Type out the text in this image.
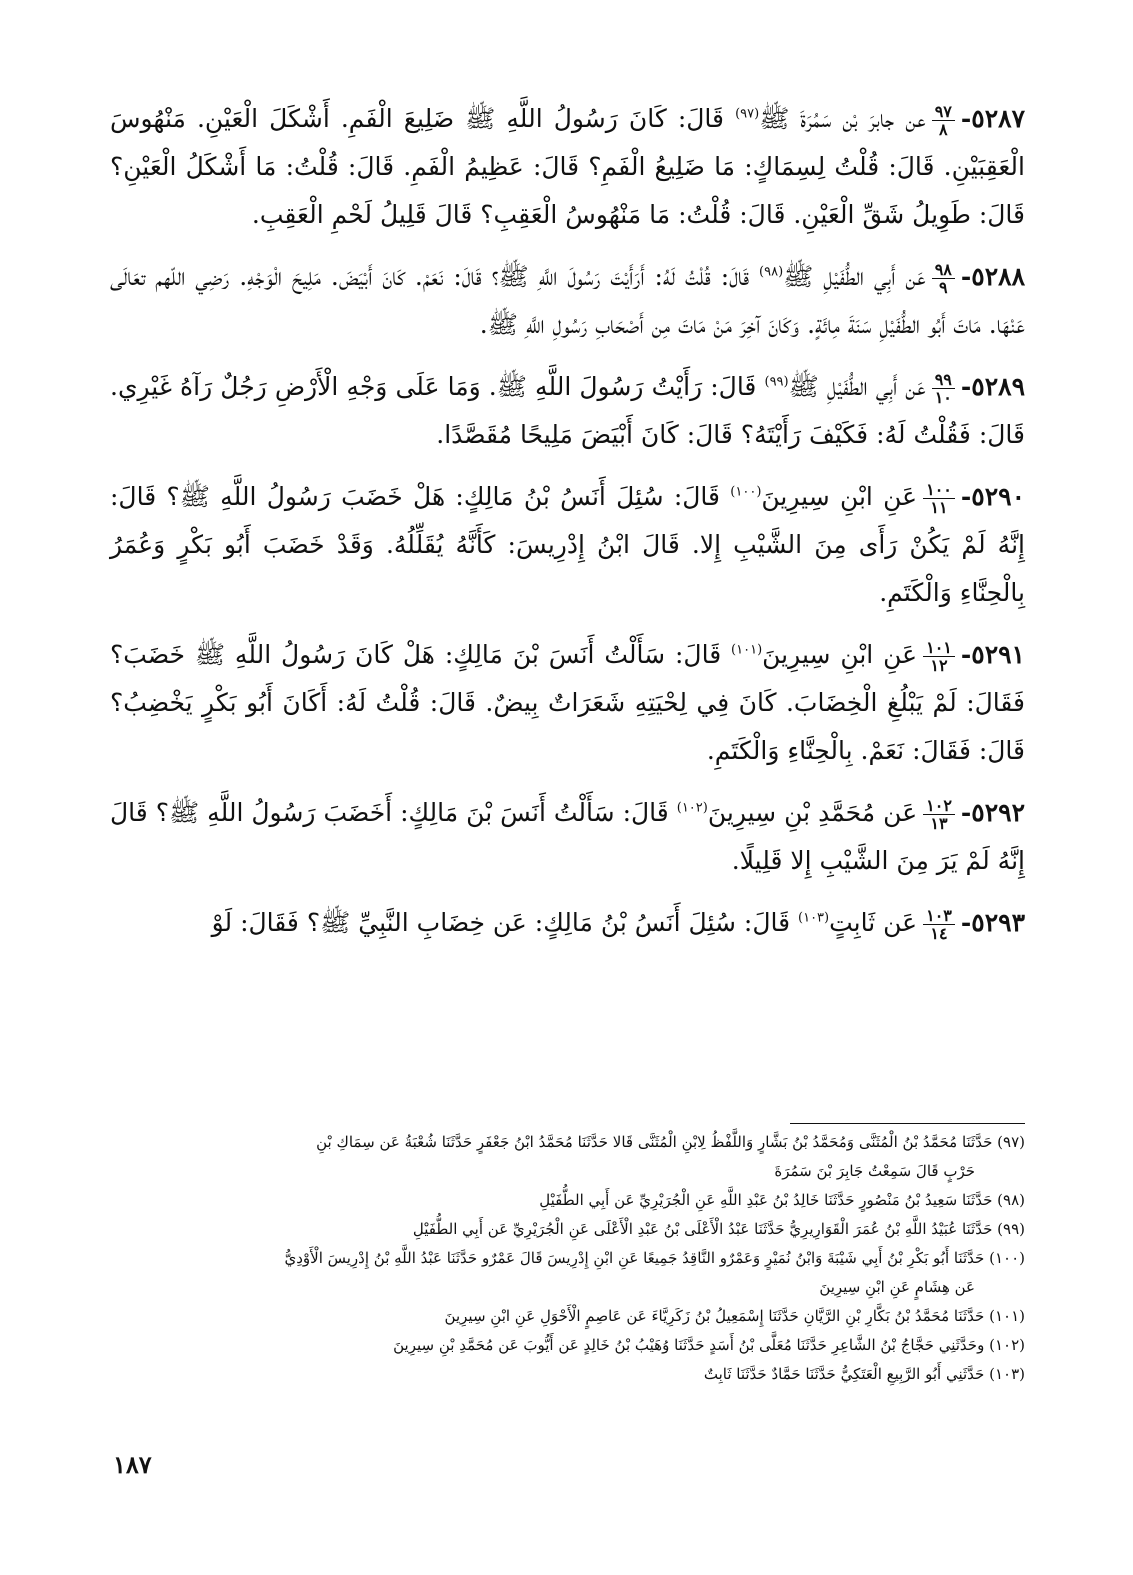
٥٢٨٧-
$\frac{٩٧}{٨}$
عن جابرَ بْن سَمُرَةَ ﷺ$^{(٩٧)}$ قَالَ: كَانَ رَسُولُ اللَّهِ ﷺ ضَلِيعَ الْفَمِ. أَشْكَلَ الْعَيْنِ. مَنْهُوسَ الْعَقِبَيْنِ. قَالَ: قُلْتُ لِسِمَاكٍ: مَا ضَلِيعُ الْفَمِ؟ قَالَ: عَظِيمُ الْفَمِ. قَالَ: قُلْتُ: مَا أَشْكَلُ الْعَيْنِ؟ قَالَ: طَوِيلُ شَقِّ الْعَيْنِ. قَالَ: قُلْتُ: مَا مَنْهُوسُ الْعَقِبِ؟ قَالَ قَلِيلُ لَحْمِ الْعَقِبِ.

٥٢٨٨-
$\frac{٩٨}{٩}$
عَن أَبِي الطُّفَيْلِ ﷺ$^{(٩٨)}$ قَالَ: قُلْتُ لَهُ: أَرَأَيْتَ رَسُولَ اللَّهِ ﷺ؟ قَالَ: نَعَمْ. كَانَ أَبْيَضَ. مَلِيحَ الْوَجْهِ. رَضِي اللّهم تعَالَى عَنْهَا. مَاتَ أَبُو الطُّفَيْلِ سَنَةَ مِائَةٍ. وَكَانَ آخِرَ مَنْ مَاتَ مِن أَصْحَابِ رَسُولِ اللَّهِ ﷺ.

٥٢٨٩-
$\frac{٩٩}{١٠}$
عَن أَبِي الطُّفَيْلِ ﷺ$^{(٩٩)}$ قَالَ: رَأَيْتُ رَسُولَ اللَّهِ ﷺ. وَمَا عَلَى وَجْهِ الْأَرْضِ رَجُلٌ رَآهُ غَيْرِي. قَالَ: فَقُلْتُ لَهُ: فَكَيْفَ رَأَيْتَهُ؟ قَالَ: كَانَ أَبْيَضَ مَلِيحًا مُقَصَّدًا.

٥٢٩٠-
$\frac{١٠٠}{١١}$
عَنِ ابْنِ سِيرِينَ$^{(١٠٠)}$ قَالَ: سُئِلَ أَنَسُ بْنُ مَالِكٍ: هَلْ خَضَبَ رَسُولُ اللَّهِ ﷺ؟ قَالَ: إِنَّهُ لَمْ يَكُنْ رَأَى مِنَ الشَّيْبِ إِلا. قَالَ ابْنُ إِدْرِيسَ: كَأَنَّهُ يُقَلِّلُهُ. وَقَدْ خَضَبَ أَبُو بَكْرٍ وَعُمَرُ بِالْحِنَّاءِ وَالْكَتَمِ.

٥٢٩١-
$\frac{١٠١}{١٢}$
عَنِ ابْنِ سِيرِينَ$^{(١٠١)}$ قَالَ: سَأَلْتُ أَنَسَ بْنَ مَالِكٍ: هَلْ كَانَ رَسُولُ اللَّهِ ﷺ خَضَبَ؟ فَقَالَ: لَمْ يَبْلُغِ الْخِضَابَ. كَانَ فِي لِحْيَتِهِ شَعَرَاتٌ بِيضٌ. قَالَ: قُلْتُ لَهُ: أَكَانَ أَبُو بَكْرٍ يَخْضِبُ؟ قَالَ: فَقَالَ: نَعَمْ. بِالْحِنَّاءِ وَالْكَتَمِ.

٥٢٩٢-
$\frac{١٠٢}{١٣}$
عَن مُحَمَّدِ بْنِ سِيرِينَ$^{(١٠٢)}$ قَالَ: سَأَلْتُ أَنَسَ بْنَ مَالِكٍ: أَخَضَبَ رَسُولُ اللَّهِ ﷺ؟ قَالَ إِنَّهُ لَمْ يَرَ مِنَ الشَّيْبِ إِلا قَلِيلًا.

٥٢٩٣-
$\frac{١٠٣}{١٤}$
عَن ثَابِتٍ$^{(١٠٣)}$ قَالَ: سُئِلَ أَنَسُ بْنُ مَالِكٍ: عَن خِضَابِ النَّبِيِّ ﷺ؟ فَقَالَ: لَوْ

(٩٧) حَدَّثَنَا مُحَمَّدُ بْنُ الْمُثَنَّى وَمُحَمَّدُ بْنُ بَشَّارٍ وَاللَّفْظُ لِابْنِ الْمُثَنَّى قَالا حَدَّثَنَا مُحَمَّدُ ابْنُ جَعْفَرٍ حَدَّثَنَا شُعْبَةُ عَن سِمَاكِ بْنِ
حَرْبٍ قَالَ سَمِعْتُ جَابِرَ بْنَ سَمُرَةَ

(٩٨) حَدَّثَنَا سَعِيدُ بْنُ مَنْصُورٍ حَدَّثَنَا خَالِدُ بْنُ عَبْدِ اللَّهِ عَنِ الْجُرَيْرِيِّ عَن أَبِي الطُّفَيْلِ

(٩٩) حَدَّثَنَا عُبَيْدُ اللَّهِ بْنُ عُمَرَ الْقَوَارِيرِيُّ حَدَّثَنَا عَبْدُ الْأَعْلَى بْنُ عَبْدِ الْأَعْلَى عَنِ الْجُرَيْرِيِّ عَن أَبِي الطُّفَيْلِ

(١٠٠) حَدَّثَنَا أَبُو بَكْرِ بْنُ أَبِي شَيْبَةَ وَابْنُ نُمَيْرٍ وَعَمْرٌو النَّاقِدُ جَمِيعًا عَنِ ابْنِ إِدْرِيسَ قَالَ عَمْرٌو حَدَّثَنَا عَبْدُ اللَّهِ بْنُ إِدْرِيسَ الْأَوْدِيُّ
عَن هِشَامٍ عَنِ ابْنِ سِيرِينَ

(١٠١) حَدَّثَنَا مُحَمَّدُ بْنُ بَكَّارِ بْنِ الرَّيَّانِ حَدَّثَنَا إِسْمَعِيلُ بْنُ زَكَرِيَّاءَ عَن عَاصِمٍ الْأَحْوَلِ عَنِ ابْنِ سِيرِينَ

(١٠٢) وحَدَّثَنِي حَجَّاجُ بْنُ الشَّاعِرِ حَدَّثَنَا مُعَلَّى بْنُ أَسَدٍ حَدَّثَنَا وُهَيْبُ بْنُ خَالِدٍ عَن أَيُّوبَ عَن مُحَمَّدِ بْنِ سِيرِينَ

(١٠٣) حَدَّثَنِي أَبُو الرَّبِيعِ الْعَتَكِيُّ حَدَّثَنَا حَمَّادٌ حَدَّثَنَا ثَابِتٌ

١٨٧
